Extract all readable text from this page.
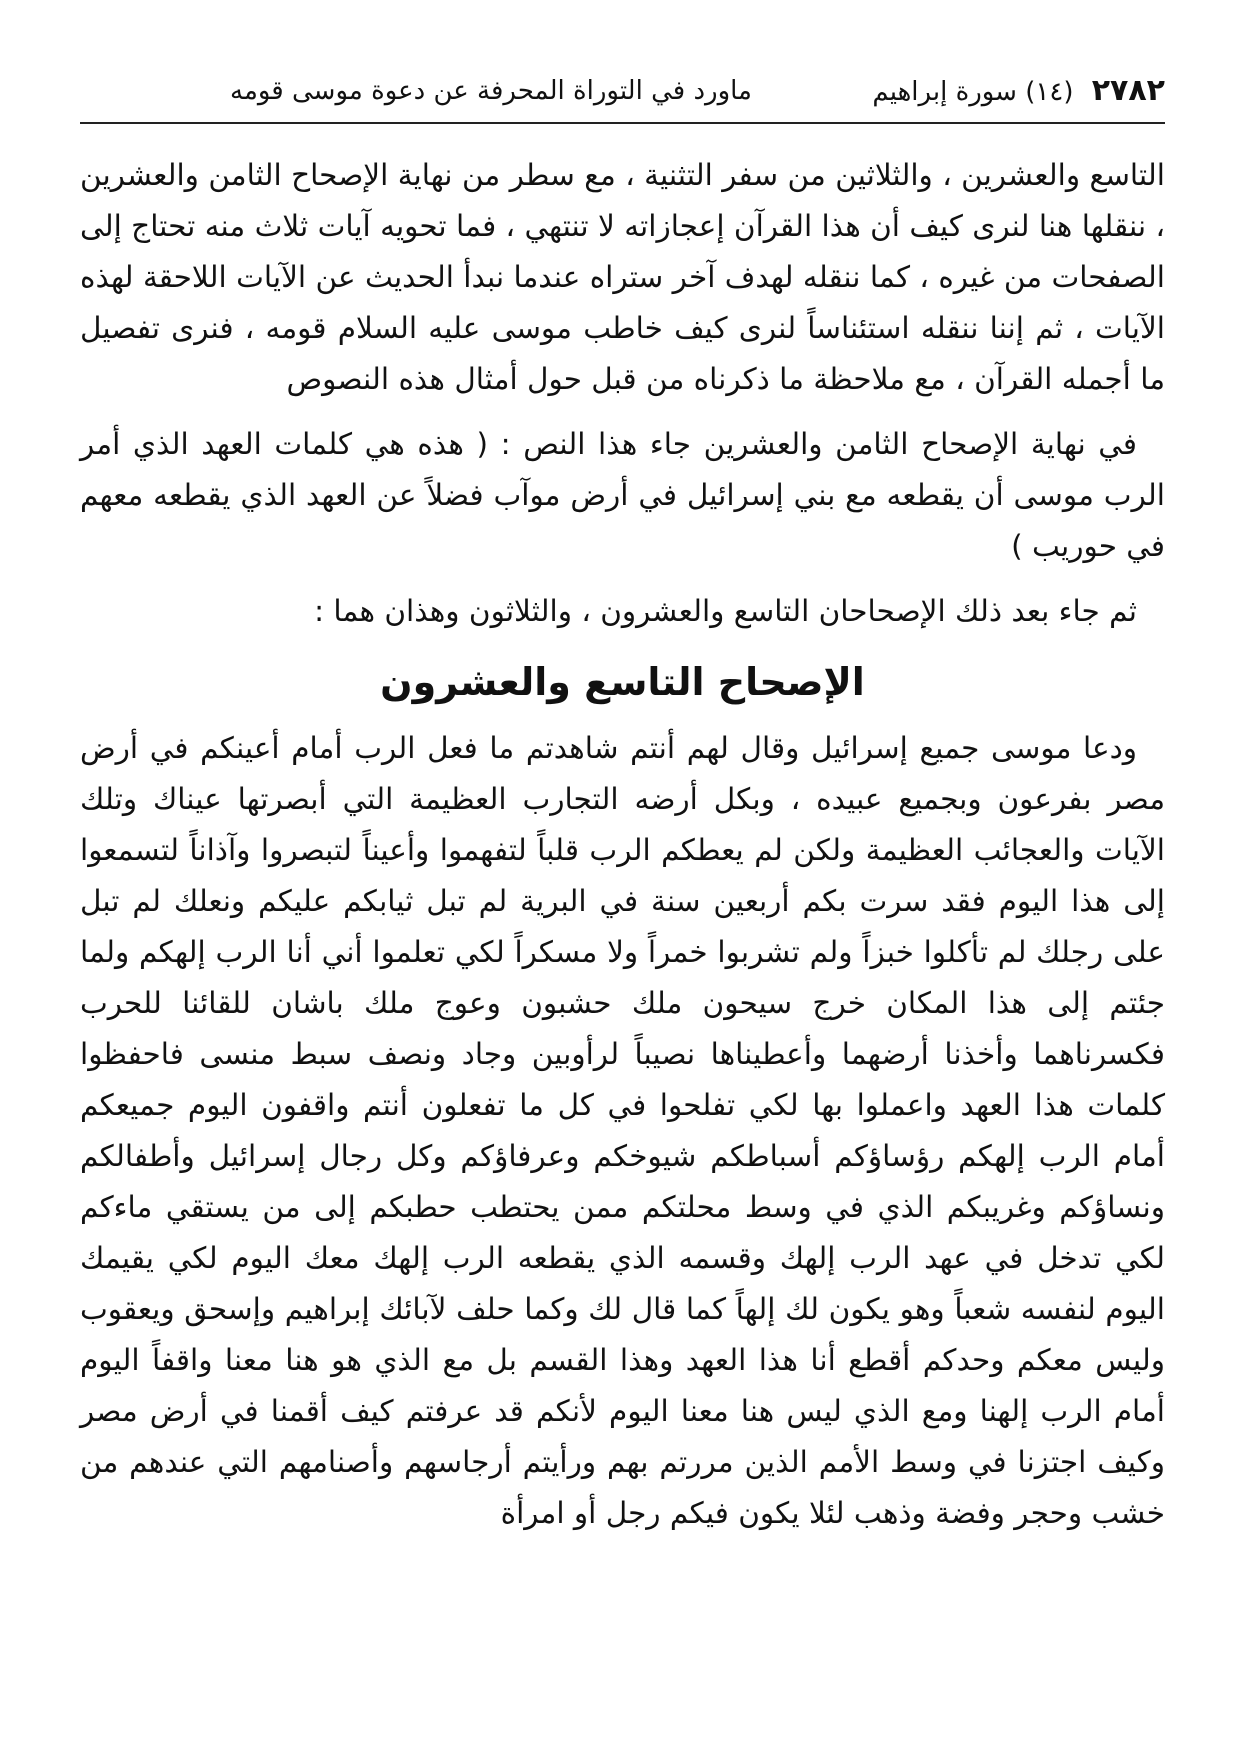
٢٧٨٢ (١٤) سورة إبراهيم
ماورد في التوراة المحرفة عن دعوة موسى قومه

التاسع والعشرين ، والثلاثين من سفر التثنية ، مع سطر من نهاية الإصحاح الثامن والعشرين ، ننقلها هنا لنرى كيف أن هذا القرآن إعجازاته لا تنتهي ، فما تحويه آيات ثلاث منه تحتاج إلى الصفحات من غيره ، كما ننقله لهدف آخر ستراه عندما نبدأ الحديث عن الآيات اللاحقة لهذه الآيات ، ثم إننا ننقله استئناساً لنرى كيف خاطب موسى عليه السلام قومه ، فنرى تفصيل ما أجمله القرآن ، مع ملاحظة ما ذكرناه من قبل حول أمثال هذه النصوص

في نهاية الإصحاح الثامن والعشرين جاء هذا النص : ( هذه هي كلمات العهد الذي أمر الرب موسى أن يقطعه مع بني إسرائيل في أرض موآب فضلاً عن العهد الذي يقطعه معهم في حوريب )

ثم جاء بعد ذلك الإصحاحان التاسع والعشرون ، والثلاثون وهذان هما :

الإصحاح التاسع والعشرون

ودعا موسى جميع إسرائيل وقال لهم أنتم شاهدتم ما فعل الرب أمام أعينكم في أرض مصر بفرعون وبجميع عبيده ، وبكل أرضه التجارب العظيمة التي أبصرتها عيناك وتلك الآيات والعجائب العظيمة ولكن لم يعطكم الرب قلباً لتفهموا وأعيناً لتبصروا وآذاناً لتسمعوا إلى هذا اليوم فقد سرت بكم أربعين سنة في البرية لم تبل ثيابكم عليكم ونعلك لم تبل على رجلك لم تأكلوا خبزاً ولم تشربوا خمراً ولا مسكراً لكي تعلموا أني أنا الرب إلهكم ولما جئتم إلى هذا المكان خرج سيحون ملك حشبون وعوج ملك باشان للقائنا للحرب فكسرناهما وأخذنا أرضهما وأعطيناها نصيباً لرأوبين وجاد ونصف سبط منسى فاحفظوا كلمات هذا العهد واعملوا بها لكي تفلحوا في كل ما تفعلون أنتم واقفون اليوم جميعكم أمام الرب إلهكم رؤساؤكم أسباطكم شيوخكم وعرفاؤكم وكل رجال إسرائيل وأطفالكم ونساؤكم وغريبكم الذي في وسط محلتكم ممن يحتطب حطبكم إلى من يستقي ماءكم لكي تدخل في عهد الرب إلهك وقسمه الذي يقطعه الرب إلهك معك اليوم لكي يقيمك اليوم لنفسه شعباً وهو يكون لك إلهاً كما قال لك وكما حلف لآبائك إبراهيم وإسحق ويعقوب وليس معكم وحدكم أقطع أنا هذا العهد وهذا القسم بل مع الذي هو هنا معنا واقفاً اليوم أمام الرب إلهنا ومع الذي ليس هنا معنا اليوم لأنكم قد عرفتم كيف أقمنا في أرض مصر وكيف اجتزنا في وسط الأمم الذين مررتم بهم ورأيتم أرجاسهم وأصنامهم التي عندهم من خشب وحجر وفضة وذهب لئلا يكون فيكم رجل أو امرأة
